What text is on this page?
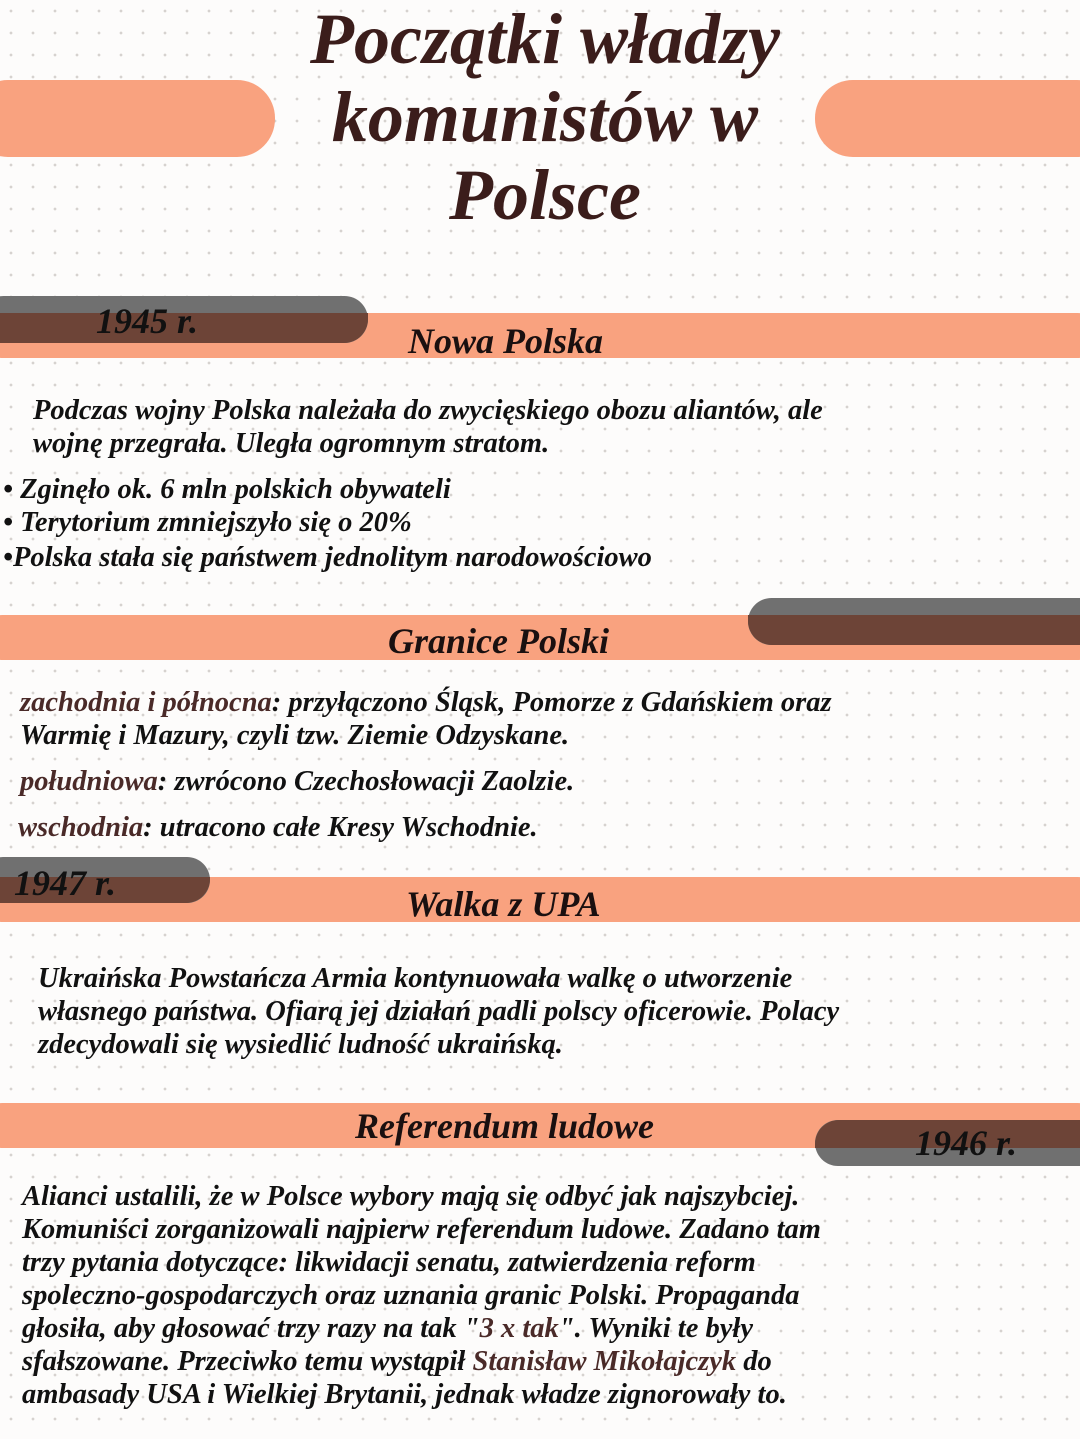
Początki władzy
komunistów w
Polsce
1945 r.	Nowa Polska
Podczas wojny Polska należała do zwycięskiego obozu aliantów, ale
wojnę przegrała. Uległa ogromnym stratom.
• Zginęło ok. 6 mln polskich obywateli
• Terytorium zmniejszyło się o 20%
•Polska stała się państwem jednolitym narodowościowo
Granice Polski
zachodnia i północna: przyłączono Śląsk, Pomorze z Gdańskiem oraz
Warmię i Mazury, czyli tzw. Ziemie Odzyskane.
południowa: zwrócono Czechosłowacji Zaolzie.
wschodnia: utracono całe Kresy Wschodnie.
1947 r.
Walka z UPA
Ukraińska Powstańcza Armia kontynuowała walkę o utworzenie
własnego państwa. Ofiarą jej działań padli polscy oficerowie. Polacy
zdecydowali się wysiedlić ludność ukraińską.
Referendum ludowe	1946 r.
Alianci ustalili, że w Polsce wybory mają się odbyć jak najszybciej.
Komuniści zorganizowali najpierw referendum ludowe. Zadano tam
trzy pytania dotyczące: likwidacji senatu, zatwierdzenia reform
spoleczno-gospodarczych oraz uznania granic Polski. Propaganda
głosiła, aby głosować trzy razy na tak "3 x tak". Wyniki te były
sfałszowane. Przeciwko temu wystąpił Stanisław Mikołajczyk do
ambasady USA i Wielkiej Brytanii, jednak władze zignorowały to.
